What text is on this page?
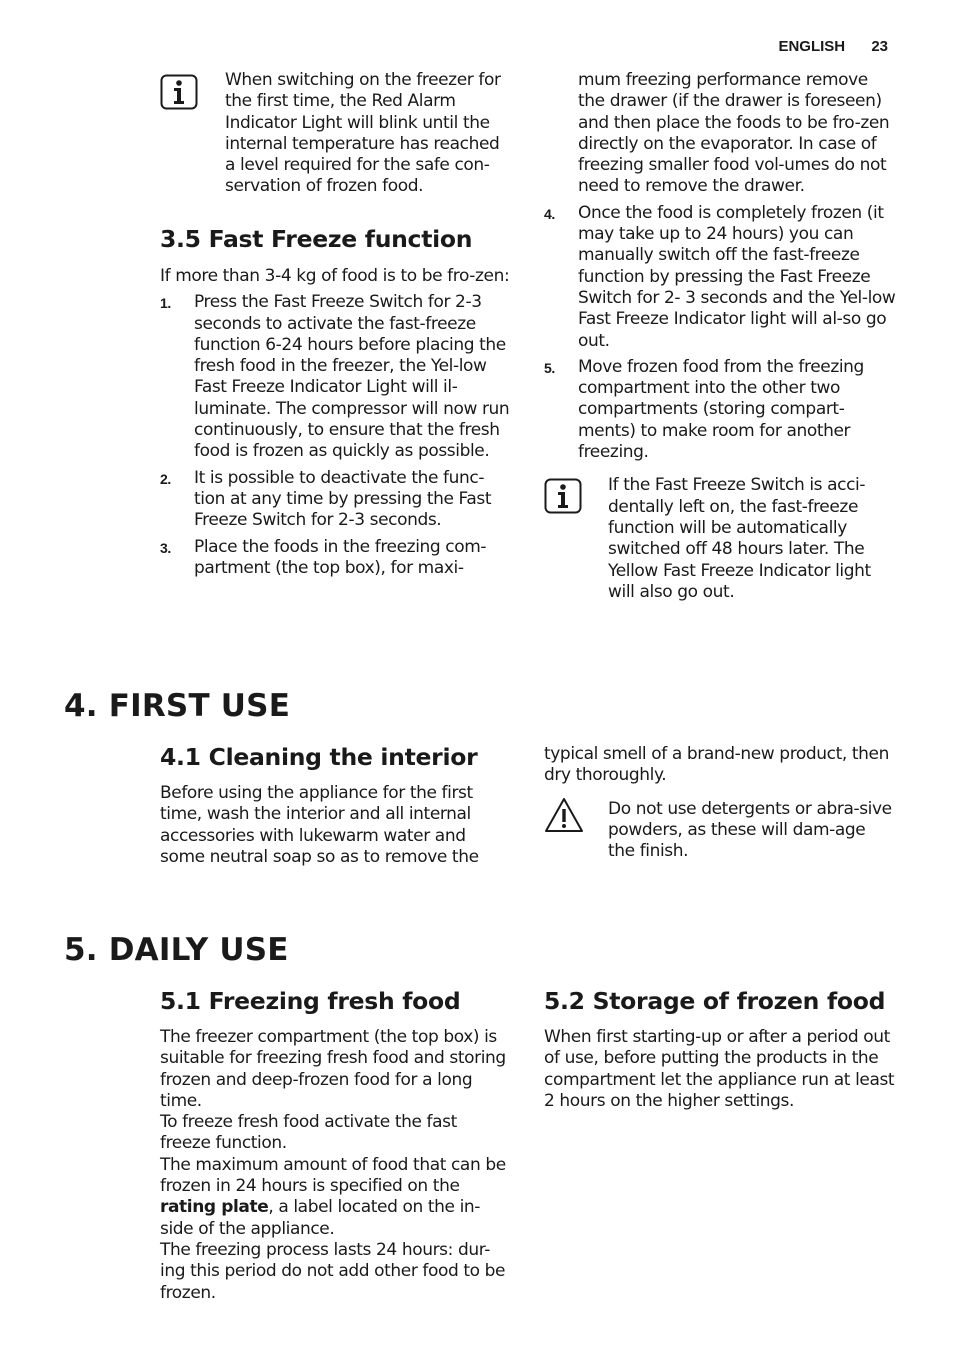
ENGLISH 23
When switching on the freezer for the first time, the Red Alarm Indicator Light will blink until the internal temperature has reached a level required for the safe con-servation of frozen food.
3.5 Fast Freeze function

If more than 3-4 kg of food is to be fro-zen:

1. Press the Fast Freeze Switch for 2-3 seconds to activate the fast-freeze function 6-24 hours before placing the fresh food in the freezer, the Yel-low Fast Freeze Indicator Light will il-luminate. The compressor will now run continuously, to ensure that the fresh food is frozen as quickly as possible.
2. It is possible to deactivate the func-tion at any time by pressing the Fast Freeze Switch for 2-3 seconds.
3. Place the foods in the freezing com-partment (the top box), for maxi-
mum freezing performance remove the drawer (if the drawer is foreseen) and then place the foods to be fro-zen directly on the evaporator. In case of freezing smaller food vol-umes do not need to remove the drawer.
4. Once the food is completely frozen (it may take up to 24 hours) you can manually switch off the fast-freeze function by pressing the Fast Freeze Switch for 2- 3 seconds and the Yel-low Fast Freeze Indicator light will al-so go out.
5. Move frozen food from the freezing compartment into the other two compartments (storing compart-ments) to make room for another freezing.
If the Fast Freeze Switch is acci-dentally left on, the fast-freeze function will be automatically switched off 48 hours later. The Yellow Fast Freeze Indicator light will also go out.
4. FIRST USE
4.1 Cleaning the interior

Before using the appliance for the first time, wash the interior and all internal accessories with lukewarm water and some neutral soap so as to remove the

typical smell of a brand-new product, then dry thoroughly.

Do not use detergents or abra-sive powders, as these will dam-age the finish.
5. DAILY USE
5.1 Freezing fresh food

The freezer compartment (the top box) is suitable for freezing fresh food and storing frozen and deep-frozen food for a long time.

To freeze fresh food activate the fast freeze function.

The maximum amount of food that can be frozen in 24 hours is specified on the rating plate, a label located on the in-side of the appliance.

The freezing process lasts 24 hours: dur-ing this period do not add other food to be frozen.

5.2 Storage of frozen food

When first starting-up or after a period out of use, before putting the products in the compartment let the appliance run at least 2 hours on the higher settings.
